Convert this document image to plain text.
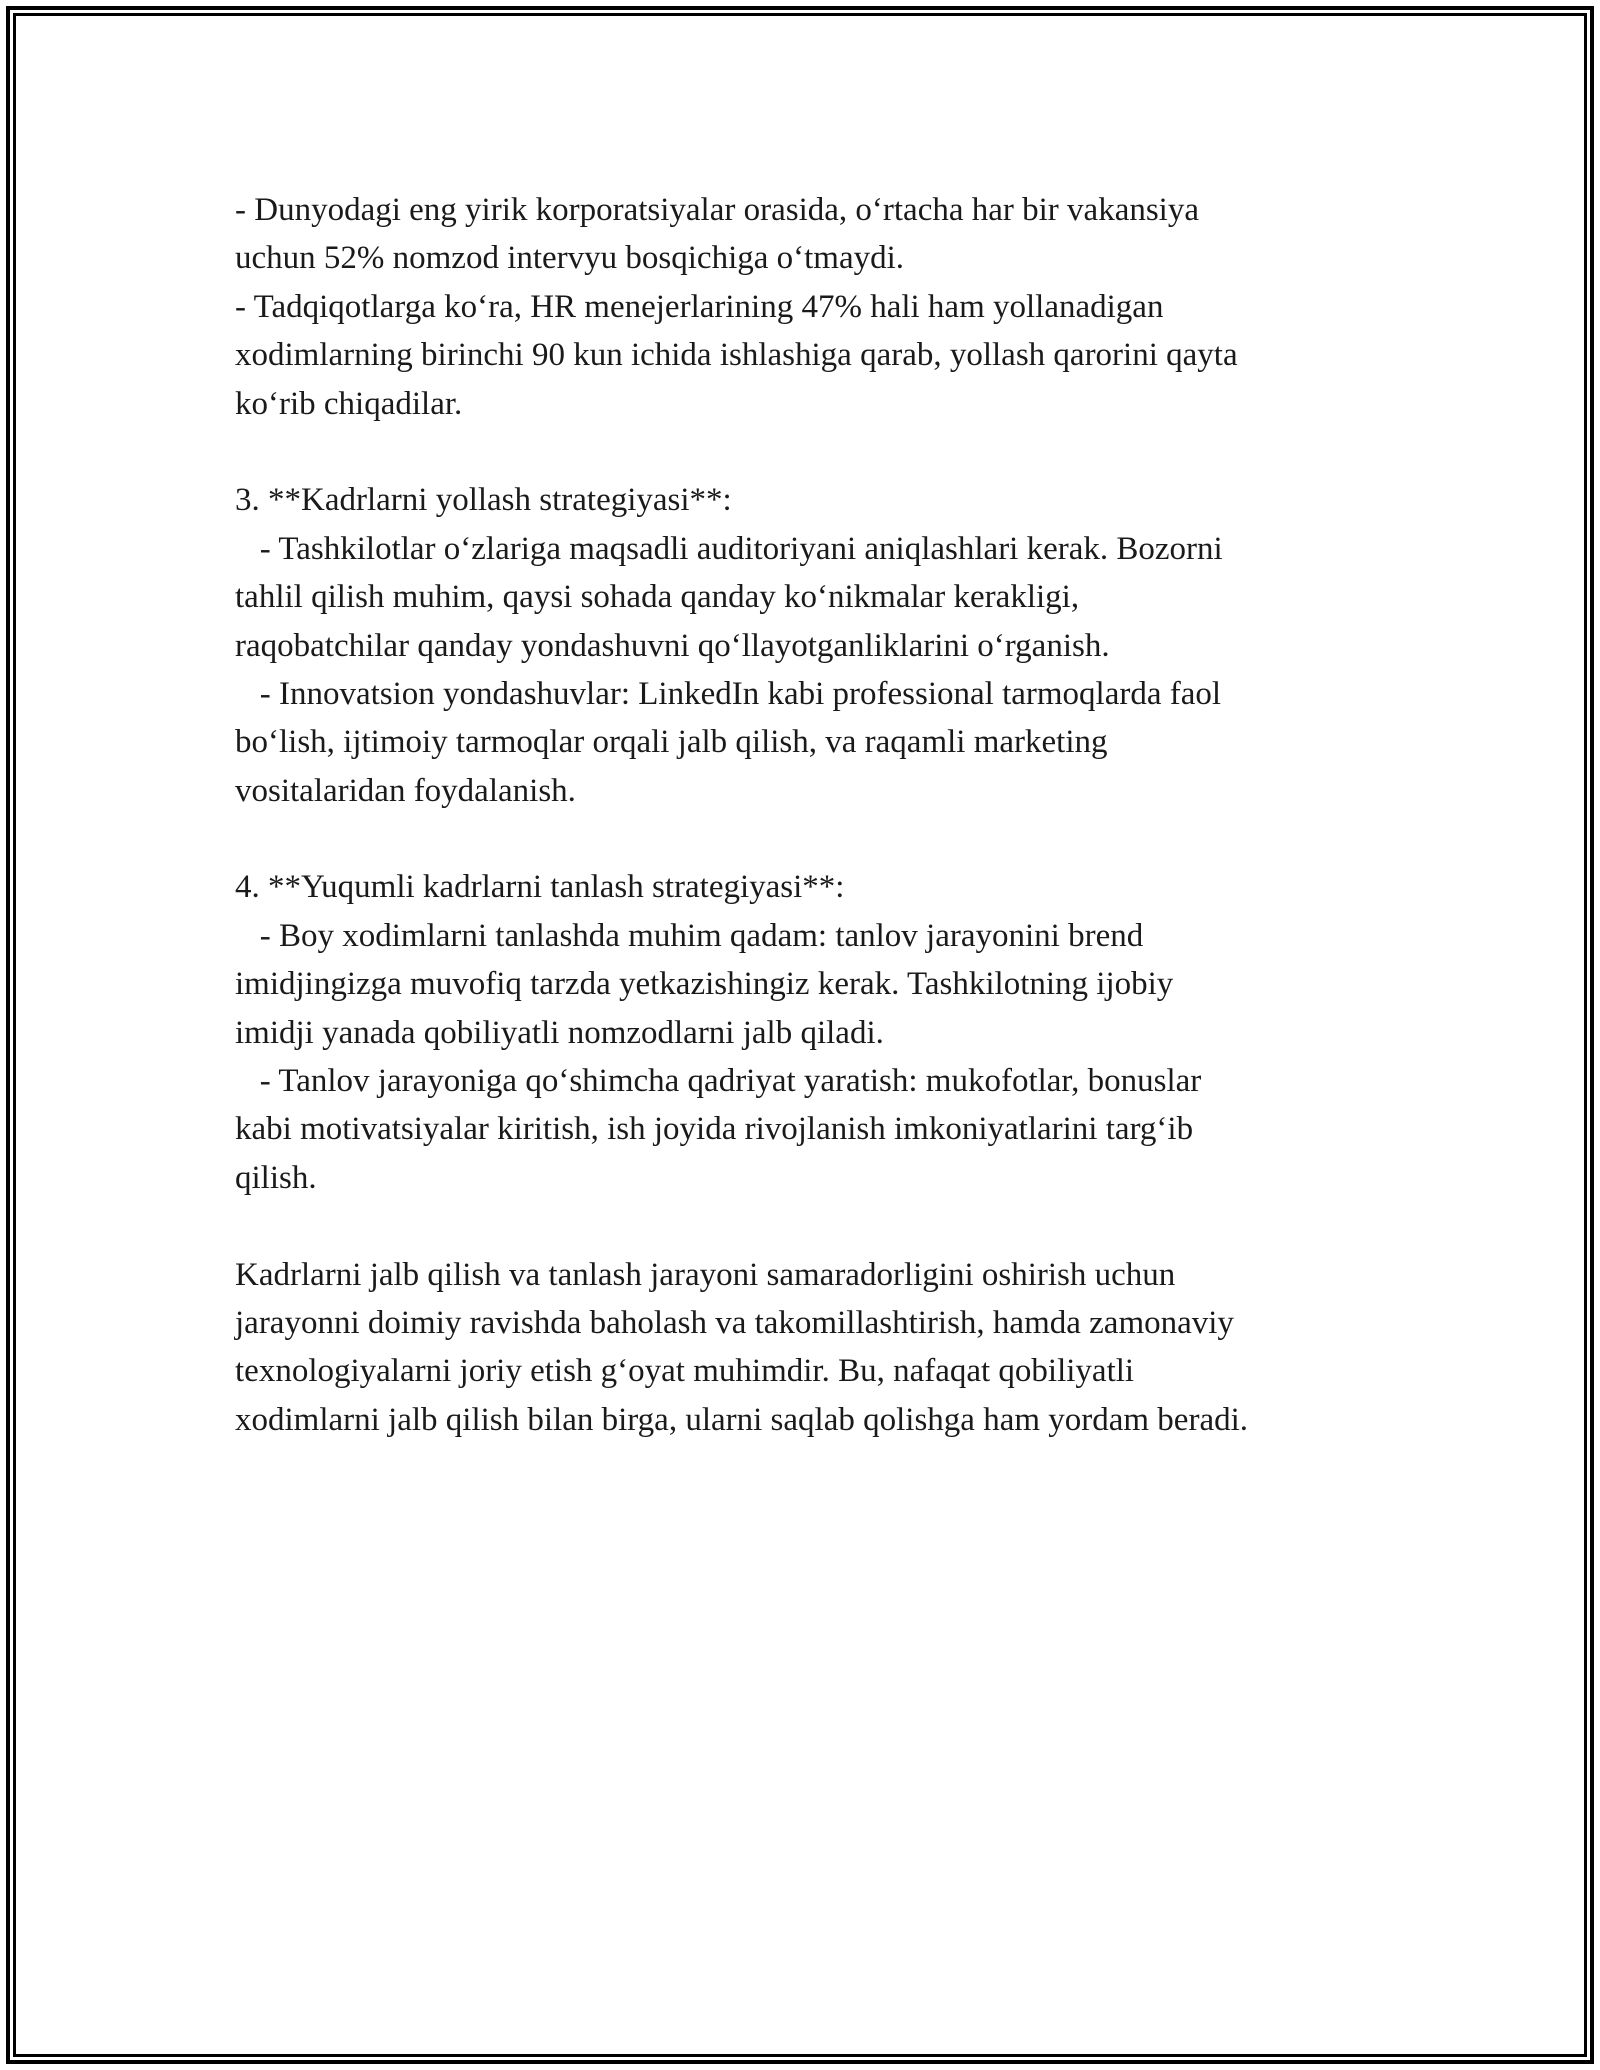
- Dunyodagi eng yirik korporatsiyalar orasida, o‘rtacha har bir vakansiya
uchun 52% nomzod intervyu bosqichiga o‘tmaydi.
- Tadqiqotlarga ko‘ra, HR menejerlarining 47% hali ham yollanadigan
xodimlarning birinchi 90 kun ichida ishlashiga qarab, yollash qarorini qayta
ko‘rib chiqadilar.
3. **Kadrlarni yollash strategiyasi**:
- Tashkilotlar o‘zlariga maqsadli auditoriyani aniqlashlari kerak. Bozorni
tahlil qilish muhim, qaysi sohada qanday ko‘nikmalar kerakligi,
raqobatchilar qanday yondashuvni qo‘llayotganliklarini o‘rganish.
- Innovatsion yondashuvlar: LinkedIn kabi professional tarmoqlarda faol
bo‘lish, ijtimoiy tarmoqlar orqali jalb qilish, va raqamli marketing
vositalaridan foydalanish.
4. **Yuqumli kadrlarni tanlash strategiyasi**:
- Boy xodimlarni tanlashda muhim qadam: tanlov jarayonini brend
imidjingizga muvofiq tarzda yetkazishingiz kerak. Tashkilotning ijobiy
imidji yanada qobiliyatli nomzodlarni jalb qiladi.
- Tanlov jarayoniga qo‘shimcha qadriyat yaratish: mukofotlar, bonuslar
kabi motivatsiyalar kiritish, ish joyida rivojlanish imkoniyatlarini targ‘ib
qilish.
Kadrlarni jalb qilish va tanlash jarayoni samaradorligini oshirish uchun
jarayonni doimiy ravishda baholash va takomillashtirish, hamda zamonaviy
texnologiyalarni joriy etish g‘oyat muhimdir. Bu, nafaqat qobiliyatli
xodimlarni jalb qilish bilan birga, ularni saqlab qolishga ham yordam beradi.
